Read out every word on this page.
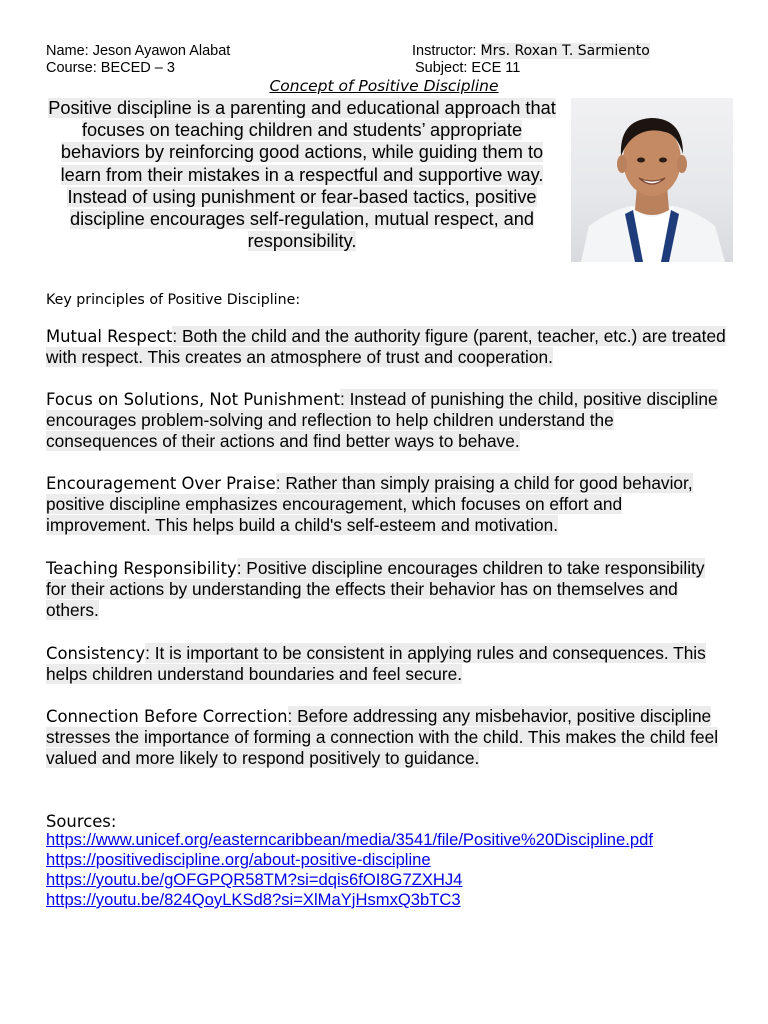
Name: Jeson Ayawon Alabat
Course: BECED – 3
Instructor: Mrs. Roxan T. Sarmiento
Subject: ECE 11
Concept of Positive Discipline
Positive discipline is a parenting and educational approach that focuses on teaching children and students’ appropriate behaviors by reinforcing good actions, while guiding them to learn from their mistakes in a respectful and supportive way. Instead of using punishment or fear-based tactics, positive discipline encourages self-regulation, mutual respect, and responsibility.
Key principles of Positive Discipline:
Mutual Respect: Both the child and the authority figure (parent, teacher, etc.) are treated with respect. This creates an atmosphere of trust and cooperation.
Focus on Solutions, Not Punishment: Instead of punishing the child, positive discipline encourages problem-solving and reflection to help children understand the consequences of their actions and find better ways to behave.
Encouragement Over Praise: Rather than simply praising a child for good behavior, positive discipline emphasizes encouragement, which focuses on effort and improvement. This helps build a child's self-esteem and motivation.
Teaching Responsibility: Positive discipline encourages children to take responsibility for their actions by understanding the effects their behavior has on themselves and others.
Consistency: It is important to be consistent in applying rules and consequences. This helps children understand boundaries and feel secure.
Connection Before Correction: Before addressing any misbehavior, positive discipline stresses the importance of forming a connection with the child. This makes the child feel valued and more likely to respond positively to guidance.
Sources:
https://www.unicef.org/easterncaribbean/media/3541/file/Positive%20Discipline.pdf
https://positivediscipline.org/about-positive-discipline
https://youtu.be/gOFGPQR58TM?si=dqis6fOI8G7ZXHJ4
https://youtu.be/824QoyLKSd8?si=XlMaYjHsmxQ3bTC3
